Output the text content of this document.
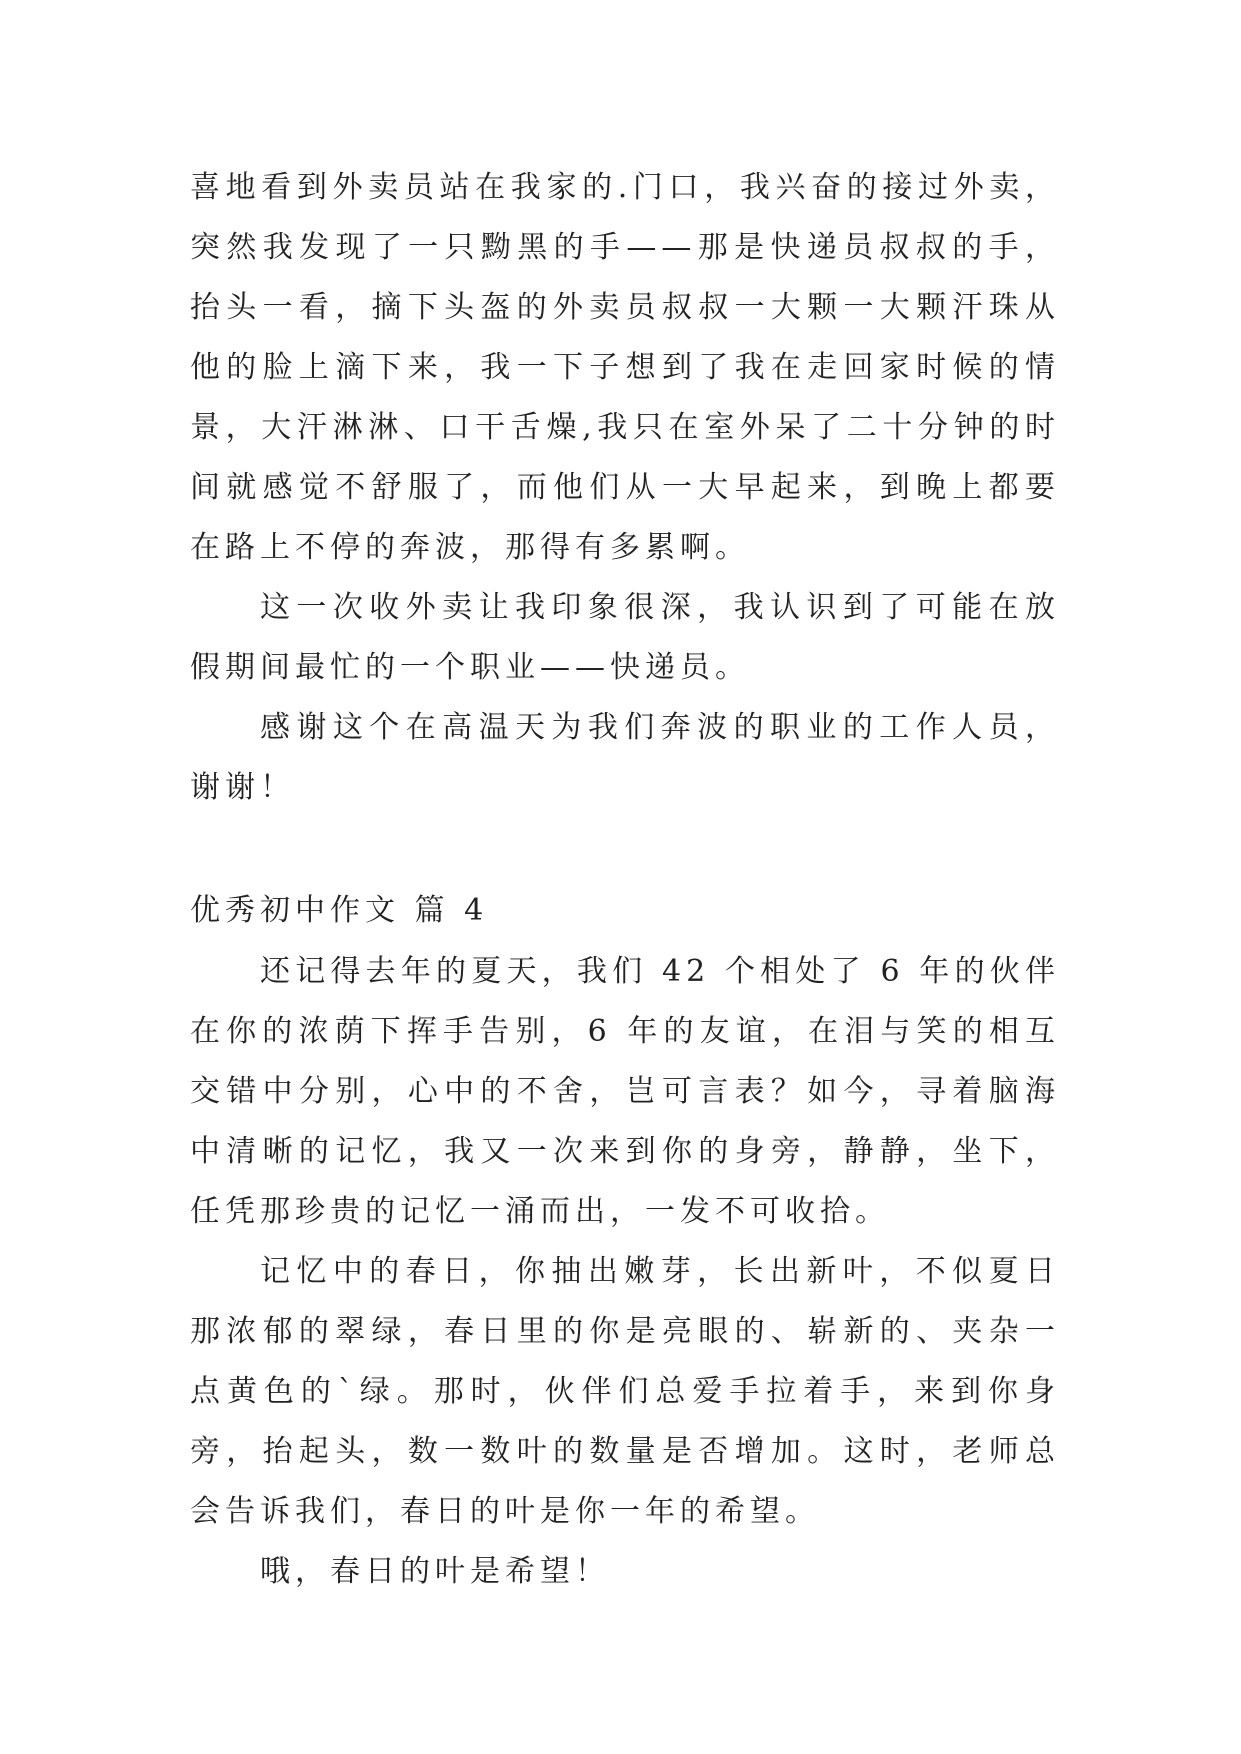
喜地看到外卖员站在我家的.门口，我兴奋的接过外卖，突然我发现了一只黝黑的手——那是快递员叔叔的手，抬头一看，摘下头盔的外卖员叔叔一大颗一大颗汗珠从他的脸上滴下来，我一下子想到了我在走回家时候的情景，大汗淋淋、口干舌燥,我只在室外呆了二十分钟的时间就感觉不舒服了，而他们从一大早起来，到晚上都要在路上不停的奔波，那得有多累啊。

这一次收外卖让我印象很深，我认识到了可能在放假期间最忙的一个职业——快递员。

感谢这个在高温天为我们奔波的职业的工作人员，谢谢！

优秀初中作文 篇 4

还记得去年的夏天，我们 42 个相处了 6 年的伙伴在你的浓荫下挥手告别，6 年的友谊，在泪与笑的相互交错中分别，心中的不舍，岂可言表？如今，寻着脑海中清晰的记忆，我又一次来到你的身旁，静静，坐下，任凭那珍贵的记忆一涌而出，一发不可收拾。

记忆中的春日，你抽出嫩芽，长出新叶，不似夏日那浓郁的翠绿，春日里的你是亮眼的、崭新的、夹杂一点黄色的`绿。那时，伙伴们总爱手拉着手，来到你身旁，抬起头，数一数叶的数量是否增加。这时，老师总会告诉我们，春日的叶是你一年的希望。

哦，春日的叶是希望！
